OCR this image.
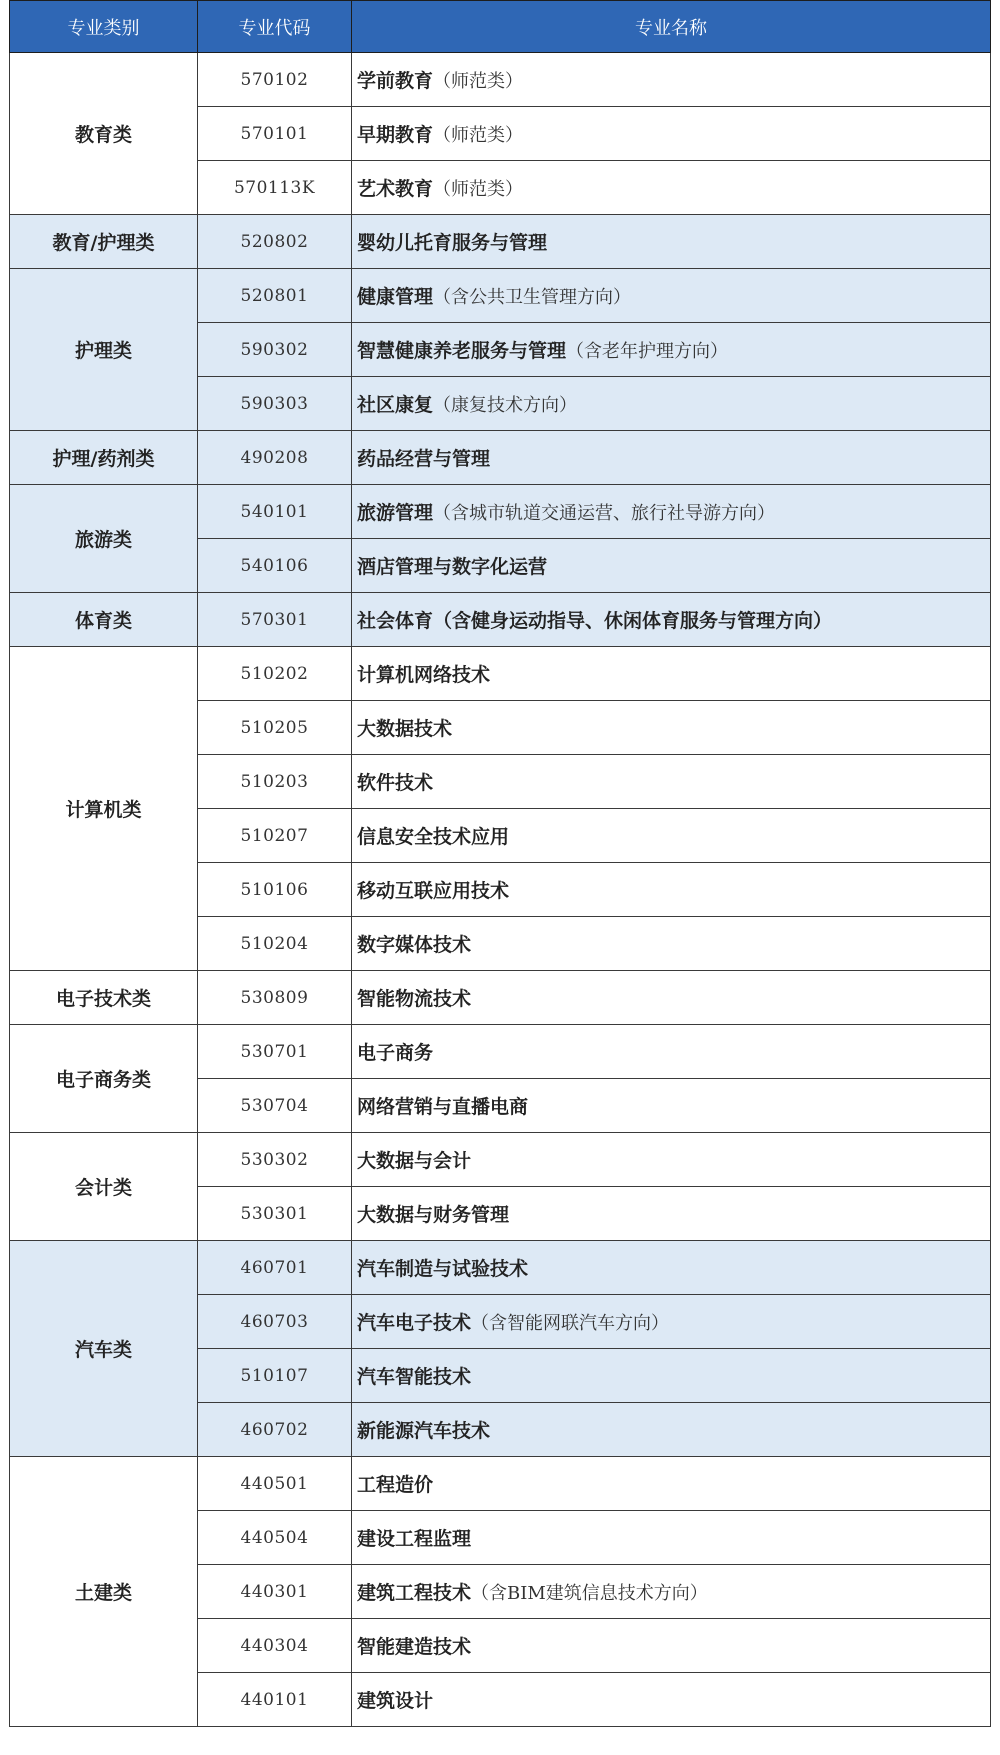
专业类别	专业代码	专业名称
教育类	570102	学前教育（师范类）
	570101	早期教育（师范类）
	570113K	艺术教育（师范类）
教育/护理类	520802	婴幼儿托育服务与管理
护理类	520801	健康管理（含公共卫生管理方向）
	590302	智慧健康养老服务与管理（含老年护理方向）
	590303	社区康复（康复技术方向）
护理/药剂类	490208	药品经营与管理
旅游类	540101	旅游管理（含城市轨道交通运营、旅行社导游方向）
	540106	酒店管理与数字化运营
体育类	570301	社会体育（含健身运动指导、休闲体育服务与管理方向）
计算机类	510202	计算机网络技术
	510205	大数据技术
	510203	软件技术
	510207	信息安全技术应用
	510106	移动互联应用技术
	510204	数字媒体技术
电子技术类	530809	智能物流技术
电子商务类	530701	电子商务
	530704	网络营销与直播电商
会计类	530302	大数据与会计
	530301	大数据与财务管理
汽车类	460701	汽车制造与试验技术
	460703	汽车电子技术（含智能网联汽车方向）
	510107	汽车智能技术
	460702	新能源汽车技术
土建类	440501	工程造价
	440504	建设工程监理
	440301	建筑工程技术（含BIM建筑信息技术方向）
	440304	智能建造技术
	440101	建筑设计
